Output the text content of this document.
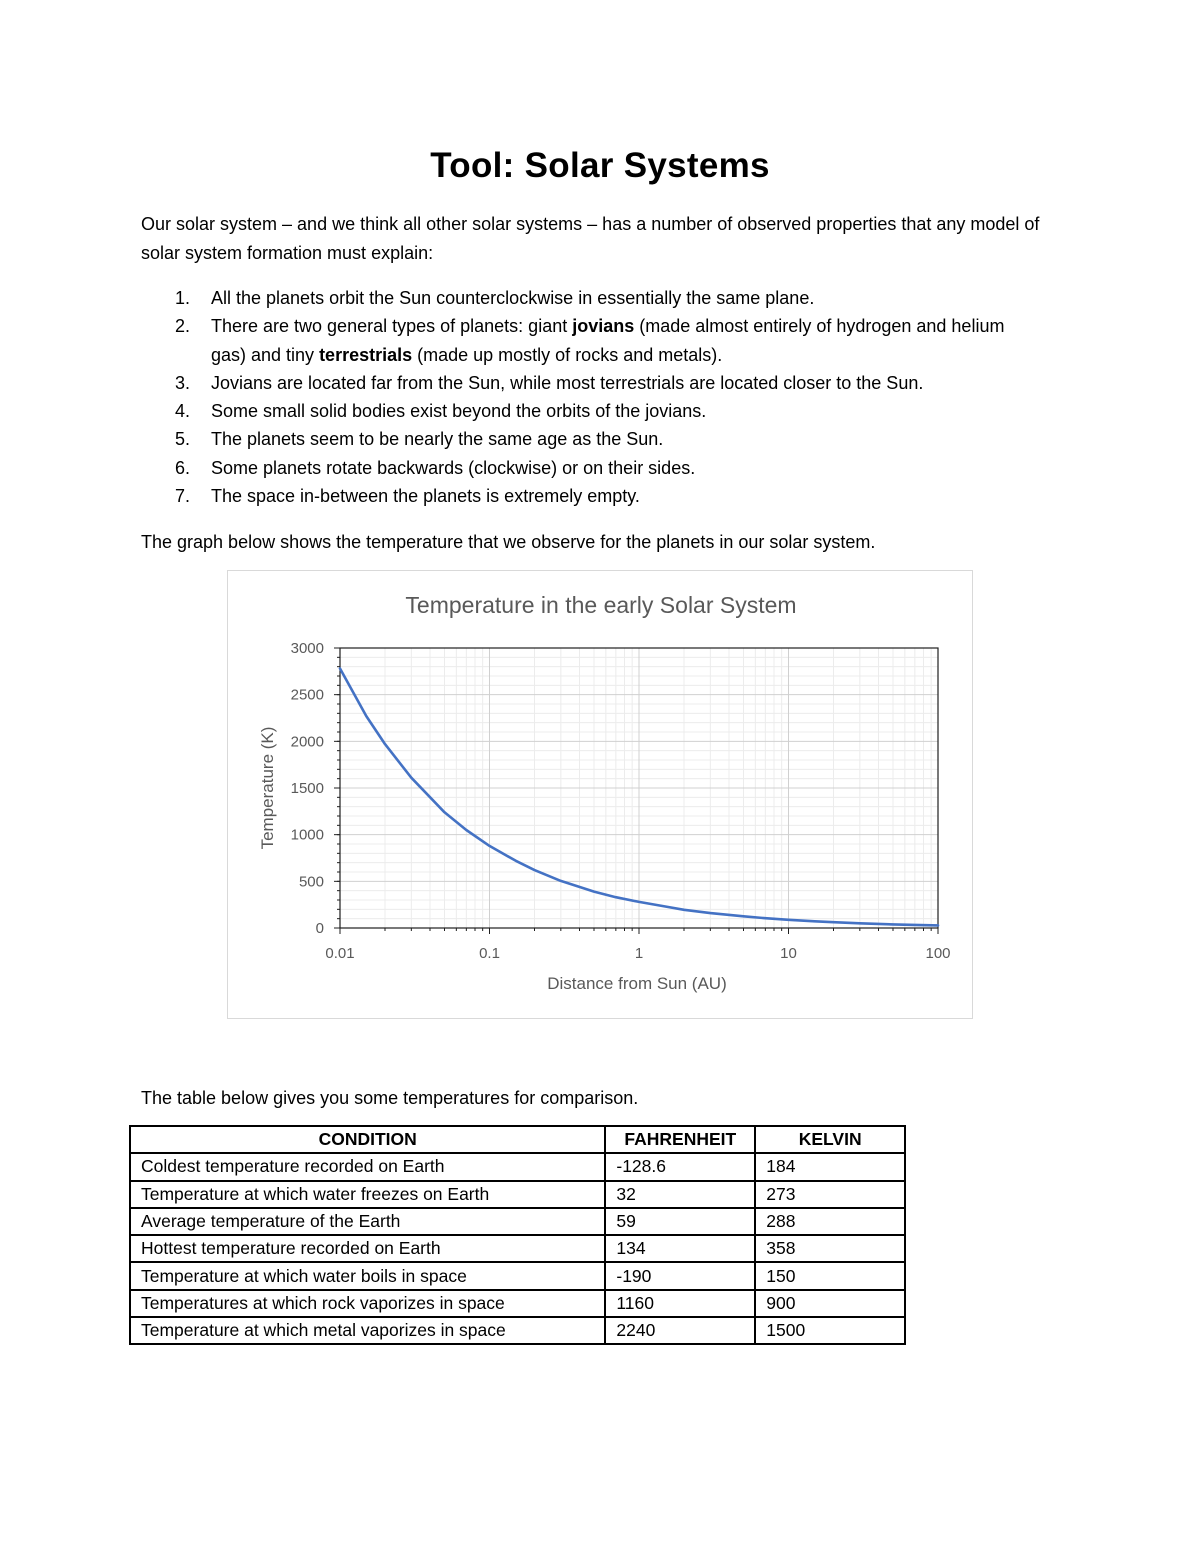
Tool: Solar Systems

Our solar system – and we think all other solar systems – has a number of observed properties that any model of solar system formation must explain:

1. All the planets orbit the Sun counterclockwise in essentially the same plane.
2. There are two general types of planets: giant jovians (made almost entirely of hydrogen and helium gas) and tiny terrestrials (made up mostly of rocks and metals).
3. Jovians are located far from the Sun, while most terrestrials are located closer to the Sun.
4. Some small solid bodies exist beyond the orbits of the jovians.
5. The planets seem to be nearly the same age as the Sun.
6. Some planets rotate backwards (clockwise) or on their sides.
7. The space in-between the planets is extremely empty.

The graph below shows the temperature that we observe for the planets in our solar system.

0.01	0.1	1	10	100
0
500
1000
1500
2000
2500
3000
Temperature in the early Solar System
Distance from Sun (AU)
Temperature (K)

The table below gives you some temperatures for comparison.

CONDITION	FAHRENHEIT	KELVIN
Coldest temperature recorded on Earth	-128.6	184
Temperature at which water freezes on Earth	32	273
Average temperature of the Earth	59	288
Hottest temperature recorded on Earth	134	358
Temperature at which water boils in space	-190	150
Temperatures at which rock vaporizes in space	1160	900
Temperature at which metal vaporizes in space	2240	1500
